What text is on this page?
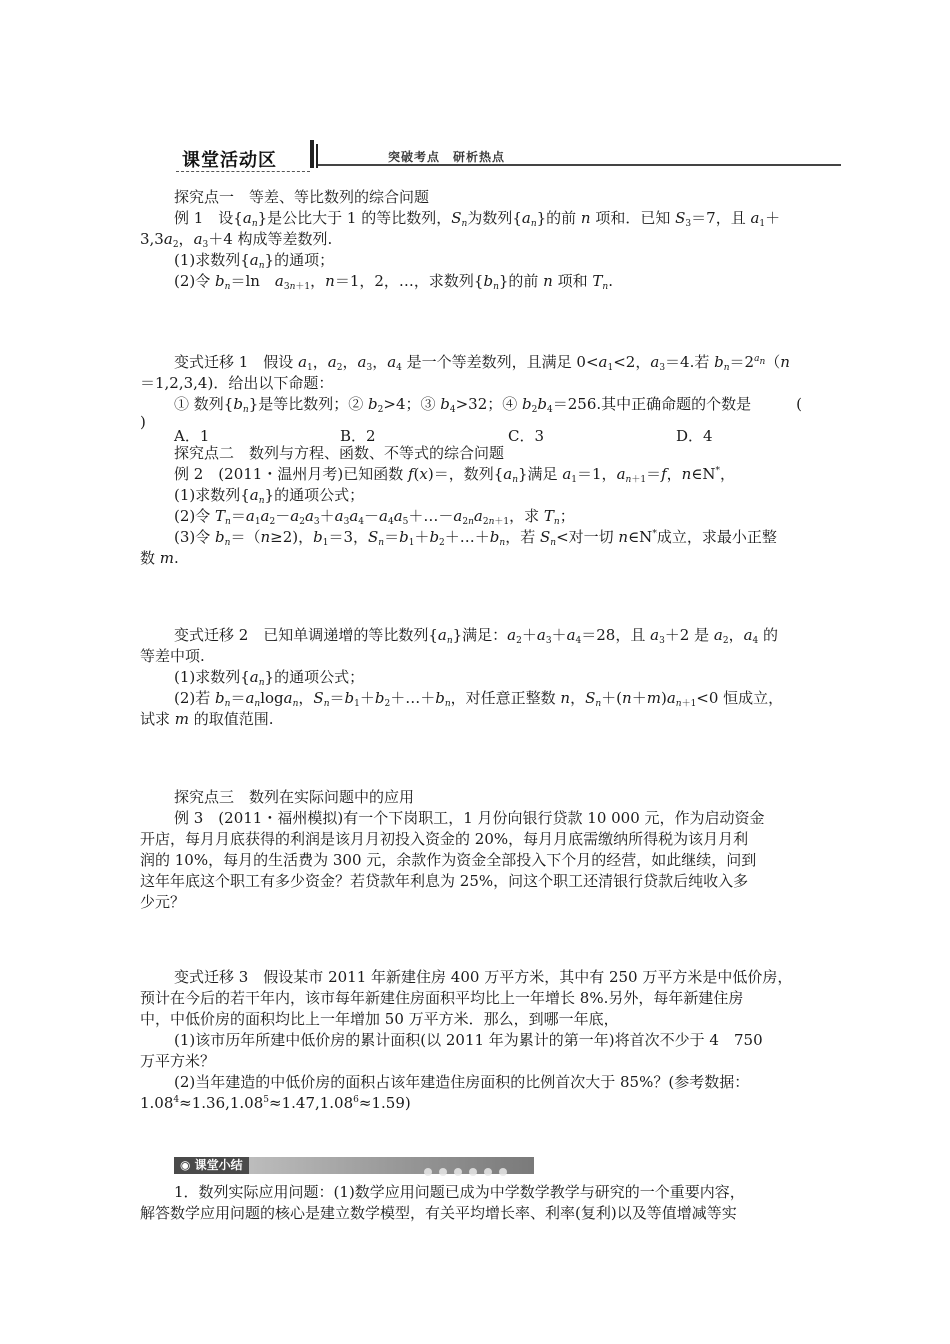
课堂活动区	突破考点　研析热点
探究点一　等差、等比数列的综合问题
例 1　设$\{a_n\}$是公比大于 1 的等比数列，$S_n$为数列$\{a_n\}$的前 n 项和．已知 $S_3=7$，且 $a_1+$
$3,3a_2$，$a_3+4$ 构成等差数列.
(1)求数列$\{a_n\}$的通项；
(2)令 $b_n=\ln$　$a_{3n+1}$，n＝1，2，…，求数列$\{b_n\}$的前 n 项和 $T_n$.
变式迁移 1　假设 $a_1$，$a_2$，$a_3$，$a_4$ 是一个等差数列，且满足 $0<a_1<2$，$a_3=4$.若 $b_n=2^{a_n}(n$
＝1,2,3,4)．给出以下命题：
① 数列$\{b_n\}$是等比数列；② $b_2>4$；③ $b_4>32$；④ $b_2b_4=256$.其中正确命题的个数是　　　(
)
A．1	B．2	C．3	D．4
探究点二　数列与方程、函数、不等式的综合问题
例 2　(2011・温州月考)已知函数 f(x)＝，数列$\{a_n\}$满足 $a_1=1$，$a_{n+1}=f$，n∈N*，
(1)求数列$\{a_n\}$的通项公式；
(2)令 $T_n=a_1a_2-a_2a_3+a_3a_4-a_4a_5+\dots-a_{2n}a_{2n+1}$，求 $T_n$；
(3)令 $b_n=(n\ge 2)$，$b_1=3$，$S_n=b_1+b_2+\dots+b_n$，若 $S_n<$对一切 n∈N*成立，求最小正整
数 m.
变式迁移 2　已知单调递增的等比数列$\{a_n\}$满足：$a_2+a_3+a_4=28$，且 $a_3+2$ 是 $a_2$，$a_4$ 的
等差中项.
(1)求数列$\{a_n\}$的通项公式；
(2)若 $b_n=a_n\log a_n$，$S_n=b_1+b_2+\dots+b_n$，对任意正整数 n，$S_n+(n+m)a_{n+1}<0$ 恒成立，
试求 m 的取值范围.
探究点三　数列在实际问题中的应用
例 3　(2011・福州模拟)有一个下岗职工，1 月份向银行贷款 10 000 元，作为启动资金
开店，每月月底获得的利润是该月月初投入资金的 20%，每月月底需缴纳所得税为该月月利
润的 10%，每月的生活费为 300 元，余款作为资金全部投入下个月的经营，如此继续，问到
这年年底这个职工有多少资金？若贷款年利息为 25%，问这个职工还清银行贷款后纯收入多
少元？
变式迁移 3　假设某市 2011 年新建住房 400 万平方米，其中有 250 万平方米是中低价房，
预计在今后的若干年内，该市每年新建住房面积平均比上一年增长 8%.另外，每年新建住房
中，中低价房的面积均比上一年增加 50 万平方米．那么，到哪一年底，
(1)该市历年所建中低价房的累计面积(以 2011 年为累计的第一年)将首次不少于 4　750
万平方米？
(2)当年建造的中低价房的面积占该年建造住房面积的比例首次大于 85%？(参考数据：
$1.08^4\approx 1.36,1.08^5\approx 1.47,1.08^6\approx 1.59$)
◉ 课堂小结
1．数列实际应用问题：(1)数学应用问题已成为中学数学教学与研究的一个重要内容，
解答数学应用问题的核心是建立数学模型，有关平均增长率、利率(复利)以及等值增减等实
